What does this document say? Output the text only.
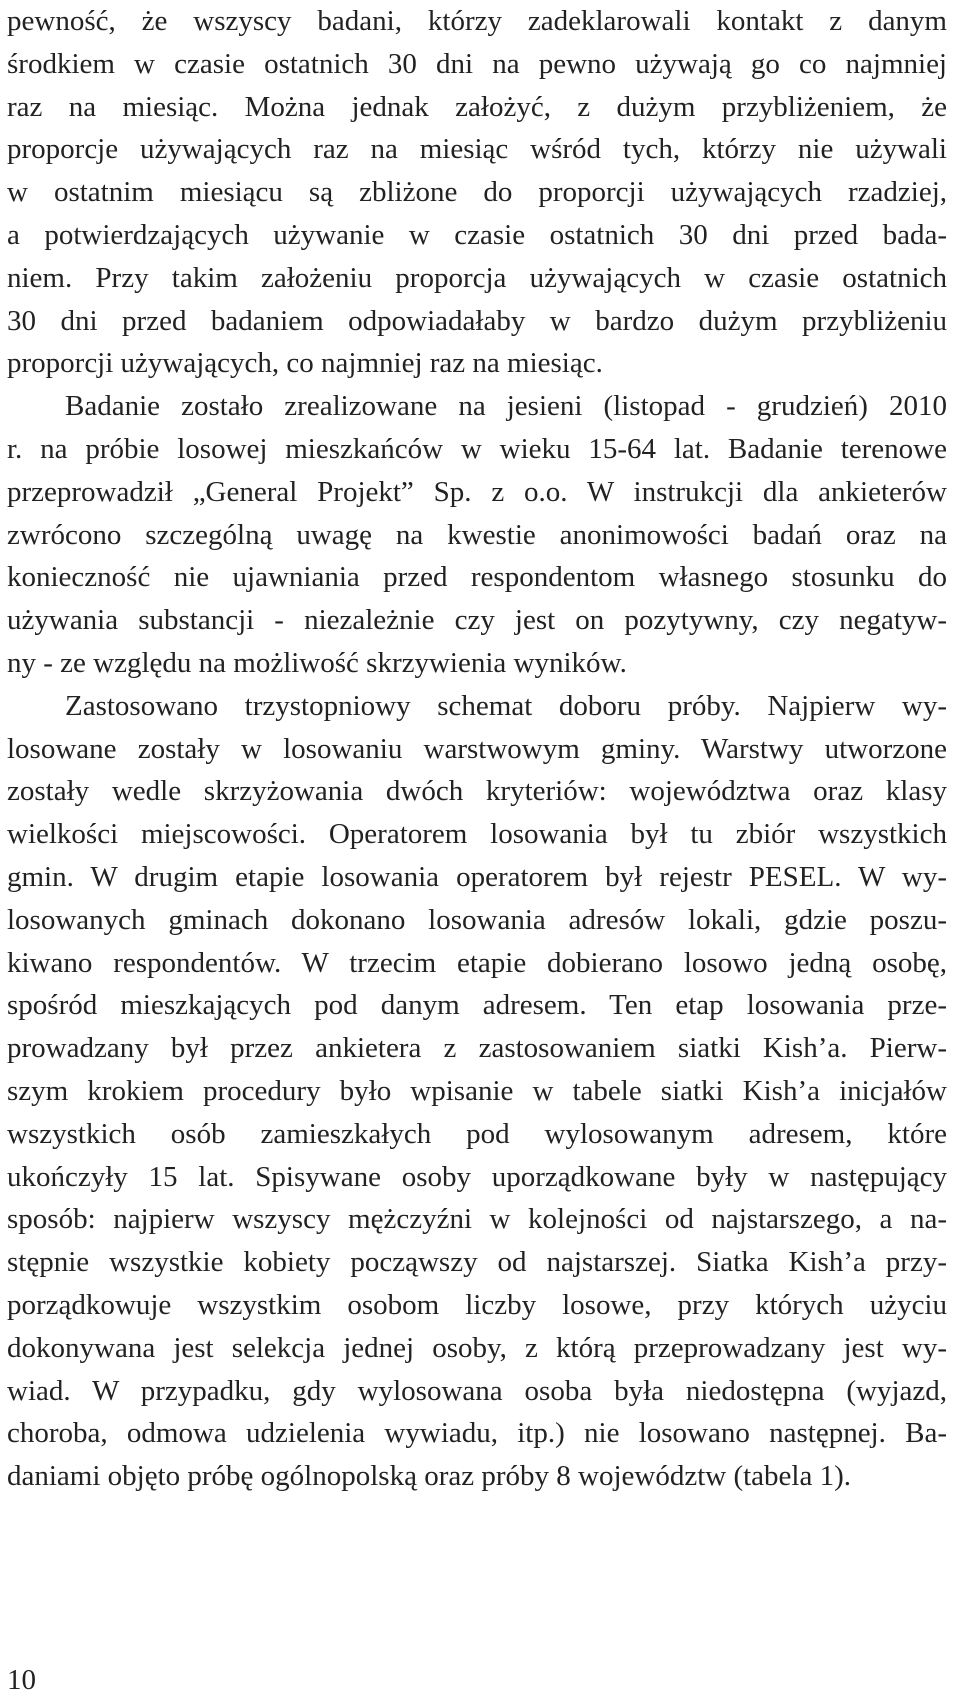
pewność, że wszyscy badani, którzy zadeklarowali kontakt z danym
środkiem w czasie ostatnich 30 dni na pewno używają go co najmniej
raz na miesiąc. Można jednak założyć, z dużym przybliżeniem, że
proporcje używających raz na miesiąc wśród tych, którzy nie używali
w ostatnim miesiącu są zbliżone do proporcji używających rzadziej,
a potwierdzających używanie w czasie ostatnich 30 dni przed bada-
niem. Przy takim założeniu proporcja używających w czasie ostatnich
30 dni przed badaniem odpowiadałaby w bardzo dużym przybliżeniu
proporcji używających, co najmniej raz na miesiąc.
Badanie zostało zrealizowane na jesieni (listopad - grudzień) 2010
r. na próbie losowej mieszkańców w wieku 15-64 lat. Badanie terenowe
przeprowadził „General Projekt” Sp. z o.o. W instrukcji dla ankieterów
zwrócono szczególną uwagę na kwestie anonimowości badań oraz na
konieczność nie ujawniania przed respondentom własnego stosunku do
używania substancji - niezależnie czy jest on pozytywny, czy negatyw-
ny - ze względu na możliwość skrzywienia wyników.
Zastosowano trzystopniowy schemat doboru próby. Najpierw wy-
losowane zostały w losowaniu warstwowym gminy. Warstwy utworzone
zostały wedle skrzyżowania dwóch kryteriów: województwa oraz klasy
wielkości miejscowości. Operatorem losowania był tu zbiór wszystkich
gmin. W drugim etapie losowania operatorem był rejestr PESEL. W wy-
losowanych gminach dokonano losowania adresów lokali, gdzie poszu-
kiwano respondentów. W trzecim etapie dobierano losowo jedną osobę,
spośród mieszkających pod danym adresem. Ten etap losowania prze-
prowadzany był przez ankietera z zastosowaniem siatki Kish’a. Pierw-
szym krokiem procedury było wpisanie w tabele siatki Kish’a inicjałów
wszystkich osób zamieszkałych pod wylosowanym adresem, które
ukończyły 15 lat. Spisywane osoby uporządkowane były w następujący
sposób: najpierw wszyscy mężczyźni w kolejności od najstarszego, a na-
stępnie wszystkie kobiety począwszy od najstarszej. Siatka Kish’a przy-
porządkowuje wszystkim osobom liczby losowe, przy których użyciu
dokonywana jest selekcja jednej osoby, z którą przeprowadzany jest wy-
wiad. W przypadku, gdy wylosowana osoba była niedostępna (wyjazd,
choroba, odmowa udzielenia wywiadu, itp.) nie losowano następnej. Ba-
daniami objęto próbę ogólnopolską oraz próby 8 województw (tabela 1).
10
